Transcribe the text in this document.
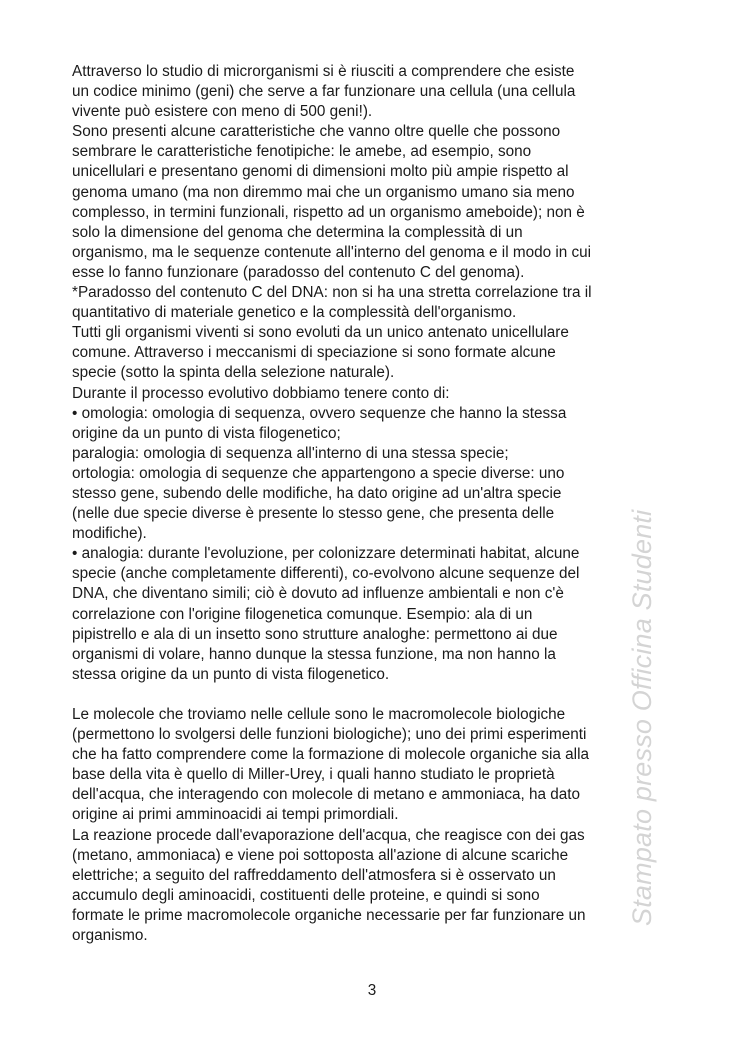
Attraverso lo studio di microrganismi si è riusciti a comprendere che esiste
un codice minimo (geni) che serve a far funzionare una cellula (una cellula
vivente può esistere con meno di 500 geni!).
Sono presenti alcune caratteristiche che vanno oltre quelle che possono
sembrare le caratteristiche fenotipiche: le amebe, ad esempio, sono
unicellulari e presentano genomi di dimensioni molto più ampie rispetto al
genoma umano (ma non diremmo mai che un organismo umano sia meno
complesso, in termini funzionali, rispetto ad un organismo ameboide); non è
solo la dimensione del genoma che determina la complessità di un
organismo, ma le sequenze contenute all'interno del genoma e il modo in cui
esse lo fanno funzionare (paradosso del contenuto C del genoma).
*Paradosso del contenuto C del DNA: non si ha una stretta correlazione tra il
quantitativo di materiale genetico e la complessità dell'organismo.
Tutti gli organismi viventi si sono evoluti da un unico antenato unicellulare
comune. Attraverso i meccanismi di speciazione si sono formate alcune
specie (sotto la spinta della selezione naturale).
Durante il processo evolutivo dobbiamo tenere conto di:
• omologia: omologia di sequenza, ovvero sequenze che hanno la stessa
origine da un punto di vista filogenetico;
paralogia: omologia di sequenza all'interno di una stessa specie;
ortologia: omologia di sequenze che appartengono a specie diverse: uno
stesso gene, subendo delle modifiche, ha dato origine ad un'altra specie
(nelle due specie diverse è presente lo stesso gene, che presenta delle
modifiche).
• analogia: durante l'evoluzione, per colonizzare determinati habitat, alcune
specie (anche completamente differenti), co-evolvono alcune sequenze del
DNA, che diventano simili; ciò è dovuto ad influenze ambientali e non c'è
correlazione con l'origine filogenetica comunque. Esempio: ala di un
pipistrello e ala di un insetto sono strutture analoghe: permettono ai due
organismi di volare, hanno dunque la stessa funzione, ma non hanno la
stessa origine da un punto di vista filogenetico.
Le molecole che troviamo nelle cellule sono le macromolecole biologiche
(permettono lo svolgersi delle funzioni biologiche); uno dei primi esperimenti
che ha fatto comprendere come la formazione di molecole organiche sia alla
base della vita è quello di Miller-Urey, i quali hanno studiato le proprietà
dell'acqua, che interagendo con molecole di metano e ammoniaca, ha dato
origine ai primi amminoacidi ai tempi primordiali.
La reazione procede dall'evaporazione dell'acqua, che reagisce con dei gas
(metano, ammoniaca) e viene poi sottoposta all'azione di alcune scariche
elettriche; a seguito del raffreddamento dell'atmosfera si è osservato un
accumulo degli aminoacidi, costituenti delle proteine, e quindi si sono
formate le prime macromolecole organiche necessarie per far funzionare un
organismo.
3
Stampato presso Officina Studenti
